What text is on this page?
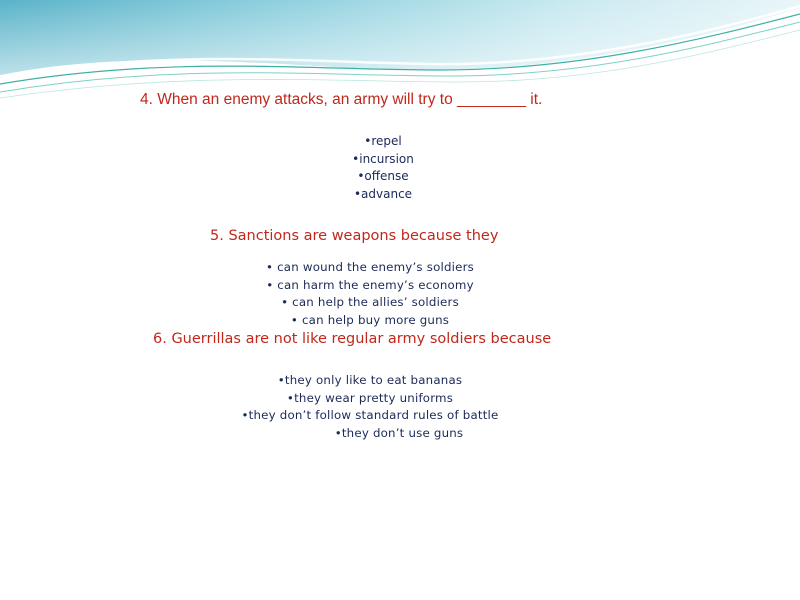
4. When an enemy attacks, an army will try to ________ it.
•repel
•incursion
•offense
•advance
5. Sanctions are weapons because they
• can wound the enemy’s soldiers
• can harm the enemy’s economy
• can help the allies’ soldiers
• can help buy more guns
6. Guerrillas are not like regular army soldiers because
•they only like to eat bananas
•they wear pretty uniforms
•they don’t follow standard rules of battle
•they don’t use guns
